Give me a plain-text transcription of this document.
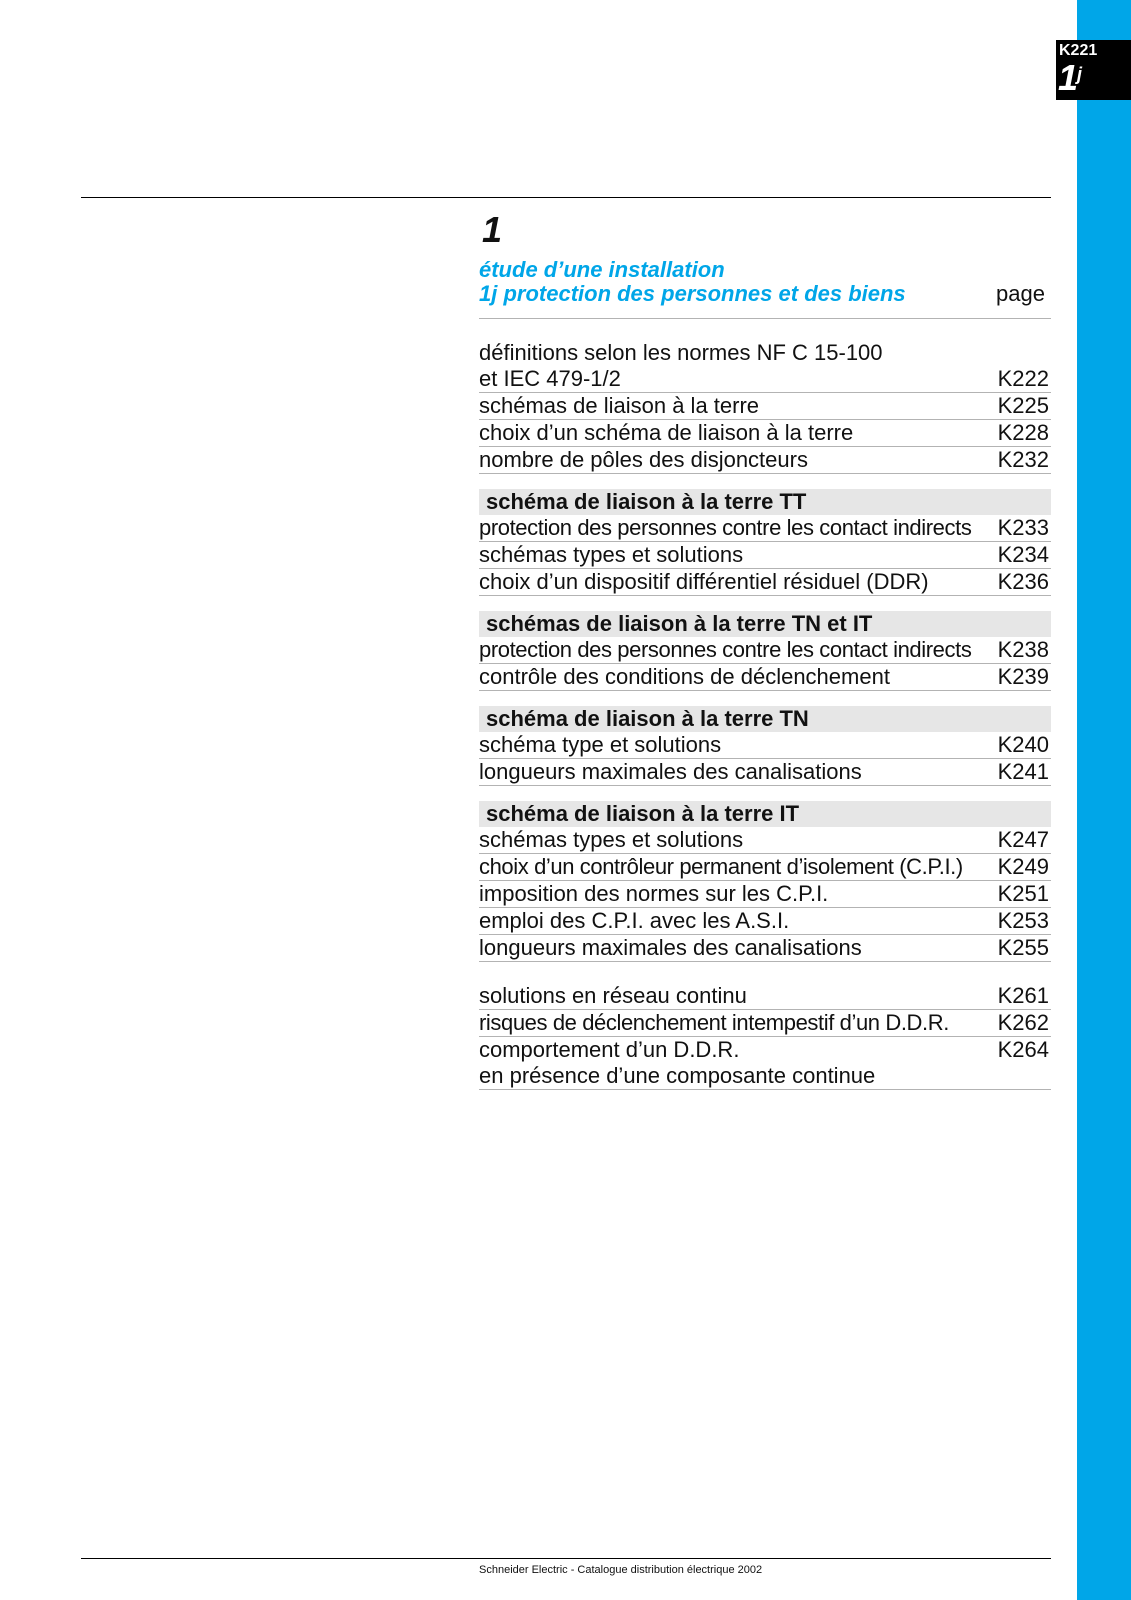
K221
1$^j$
1
étude d’une installation
1j protection des personnes et des biens	page
définitions selon les normes NF C 15-100
et IEC 479-1/2	K222
schémas de liaison à la terre	K225
choix d’un schéma de liaison à la terre	K228
nombre de pôles des disjoncteurs	K232
schéma de liaison à la terre TT
protection des personnes contre les contact indirects K233
schémas types et solutions	K234
choix d’un dispositif différentiel résiduel (DDR)	K236
schémas de liaison à la terre TN et IT
protection des personnes contre les contact indirects K238
contrôle des conditions de déclenchement	K239
schéma de liaison à la terre TN
schéma type et solutions	K240
longueurs maximales des canalisations	K241
schéma de liaison à la terre IT
schémas types et solutions	K247
choix d’un contrôleur permanent d’isolement (C.P.I.) K249
imposition des normes sur les C.P.I.	K251
emploi des C.P.I. avec les A.S.I.	K253
longueurs maximales des canalisations	K255
solutions en réseau continu	K261
risques de déclenchement intempestif d’un D.D.R. K262
comportement d’un D.D.R.	K264
en présence d’une composante continue
Schneider Electric - Catalogue distribution électrique 2002
